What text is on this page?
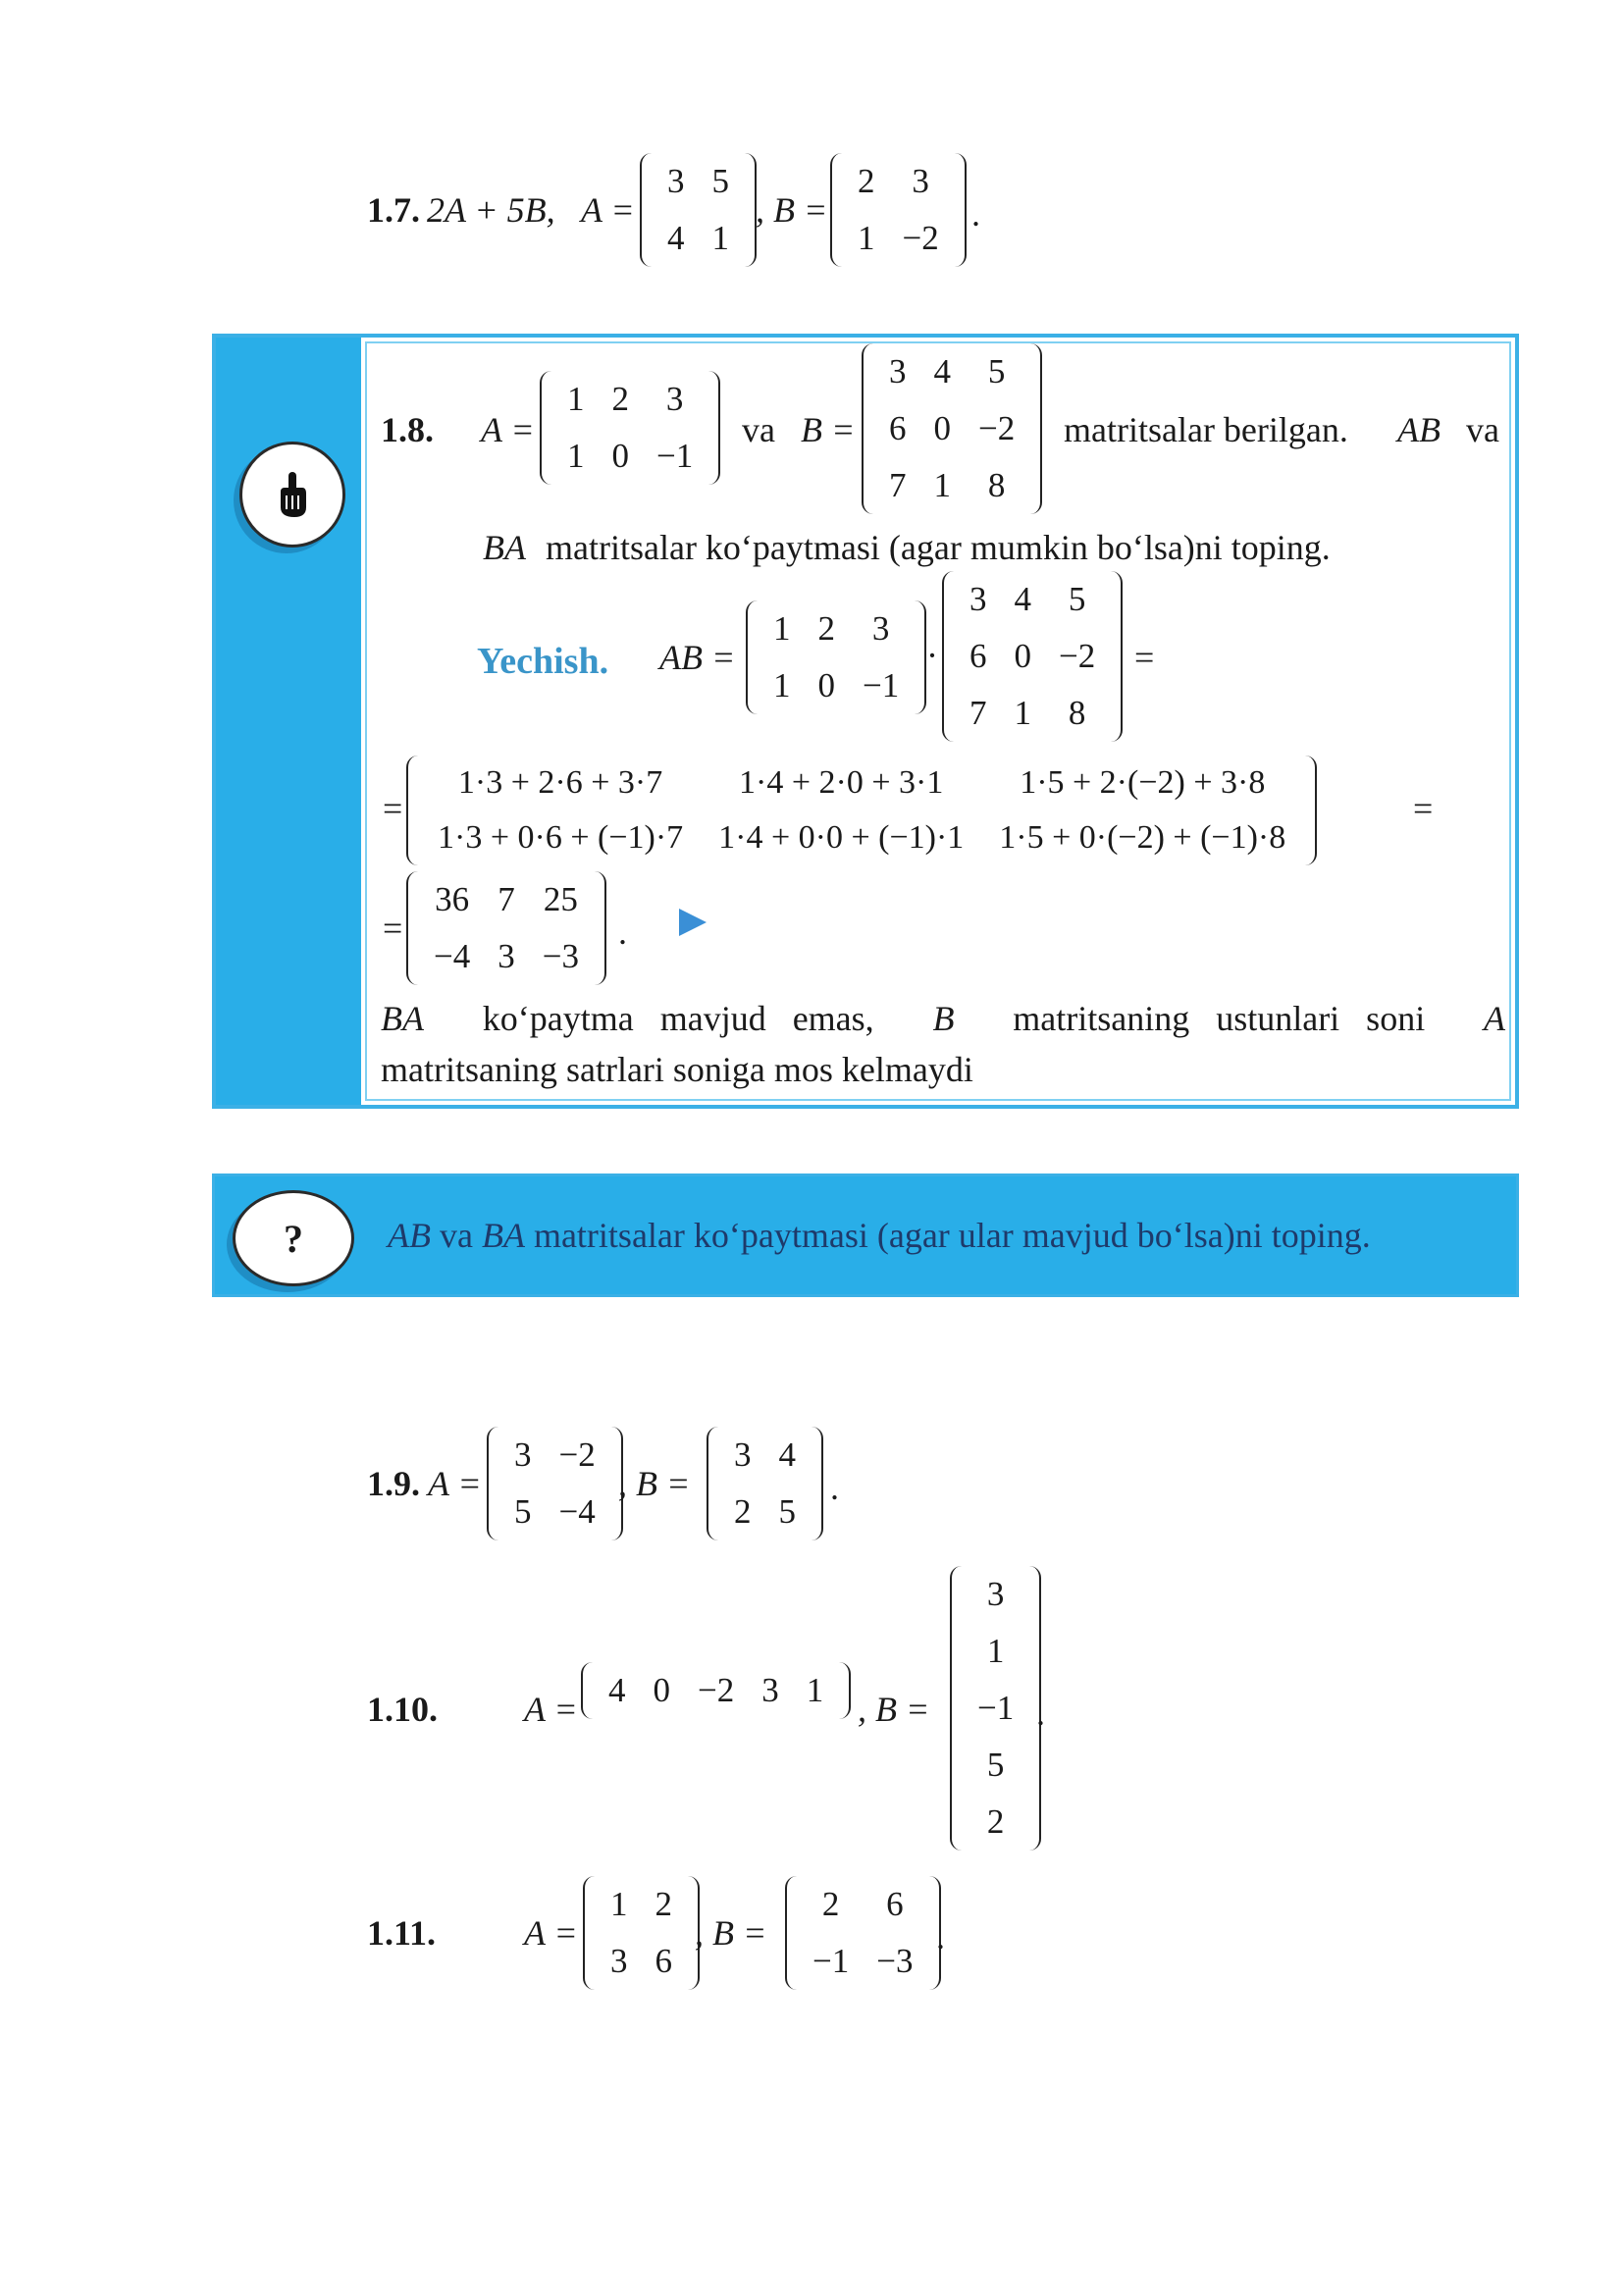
1.7. 2A + 5B, A =
3	5
4	1
, B =
2	3
1	−2
.
1.8. A =
1	2	3
1	0	−1
va B =
3	4	5
6	0	−2
7	1	8
matritsalar berilgan. AB va
BA matritsalar ko‘paytmasi (agar mumkin bo‘lsa)ni toping.
Yechish. AB =
1	2	3
1	0	−1
·
3	4	5
6	0	−2
7	1	8
=
=
1·3 + 2·6 + 3·7	1·4 + 2·0 + 3·1	1·5 + 2·(−2) + 3·8
1·3 + 0·6 + (−1)·7	1·4 + 0·0 + (−1)·1	1·5 + 0·(−2) + (−1)·8
=
=
36	7	25
−4	3	−3
.
BA ko‘paytma   mavjud   emas, B matritsaning   ustunlari   soni A
matritsaning satrlari soniga mos kelmaydi
? AB va BA matritsalar ko‘paytmasi (agar ular mavjud bo‘lsa)ni toping.
1.9. A =
3	−2
5	−4
, B =
3	4
2	5
.
1.10. A = 4	0	−2	3	1 , B =
3
1
−1
5
2
.
1.11. A =
1	2
3	6
, B =
2	6
−1	−3
.
